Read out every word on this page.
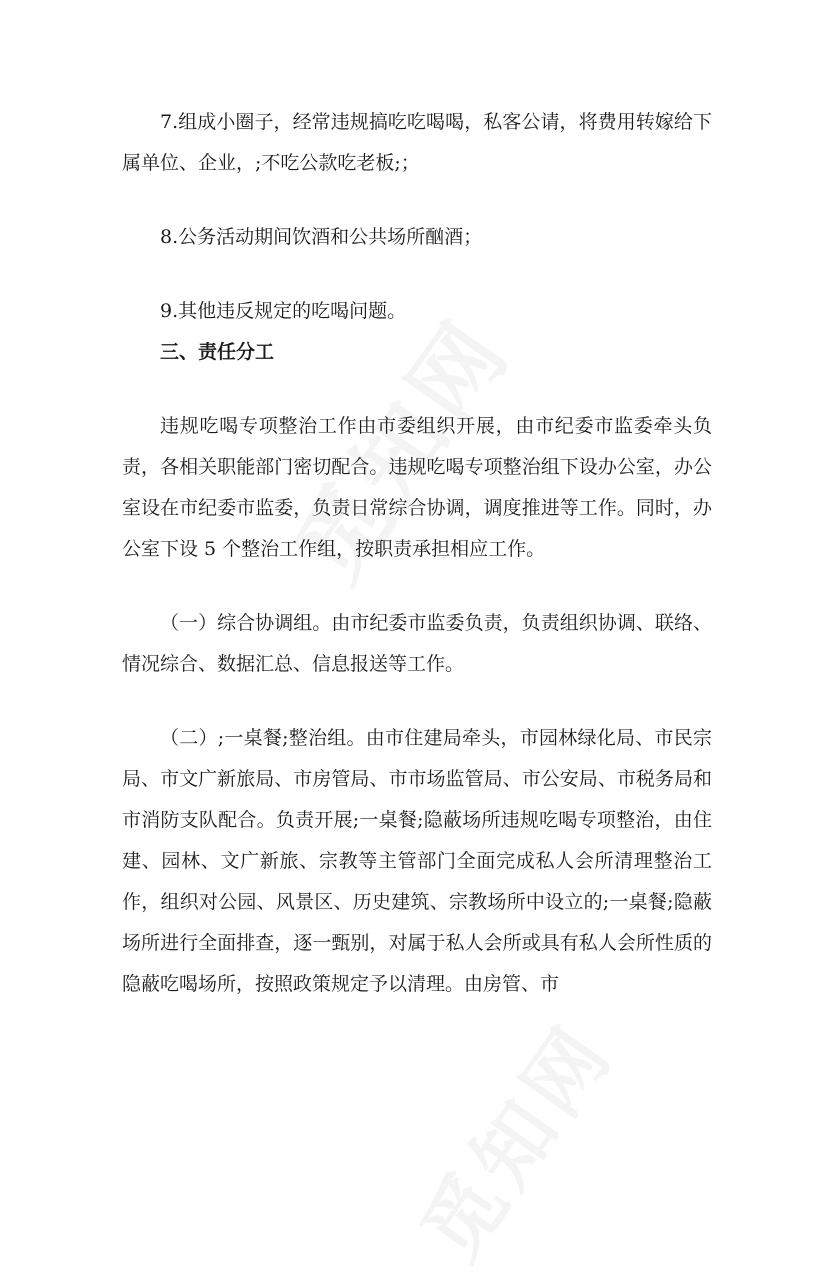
7.组成小圈子，经常违规搞吃吃喝喝，私客公请，将费用转嫁给下属单位、企业，;不吃公款吃老板;；

8.公务活动期间饮酒和公共场所酗酒；

9.其他违反规定的吃喝问题。

三、责任分工

违规吃喝专项整治工作由市委组织开展，由市纪委市监委牵头负责，各相关职能部门密切配合。违规吃喝专项整治组下设办公室，办公室设在市纪委市监委，负责日常综合协调，调度推进等工作。同时，办公室下设 5 个整治工作组，按职责承担相应工作。

（一）综合协调组。由市纪委市监委负责，负责组织协调、联络、情况综合、数据汇总、信息报送等工作。

（二）;一桌餐;整治组。由市住建局牵头，市园林绿化局、市民宗局、市文广新旅局、市房管局、市市场监管局、市公安局、市税务局和市消防支队配合。负责开展;一桌餐;隐蔽场所违规吃喝专项整治，由住建、园林、文广新旅、宗教等主管部门全面完成私人会所清理整治工作，组织对公园、风景区、历史建筑、宗教场所中设立的;一桌餐;隐蔽场所进行全面排查，逐一甄别，对属于私人会所或具有私人会所性质的隐蔽吃喝场所，按照政策规定予以清理。由房管、市
